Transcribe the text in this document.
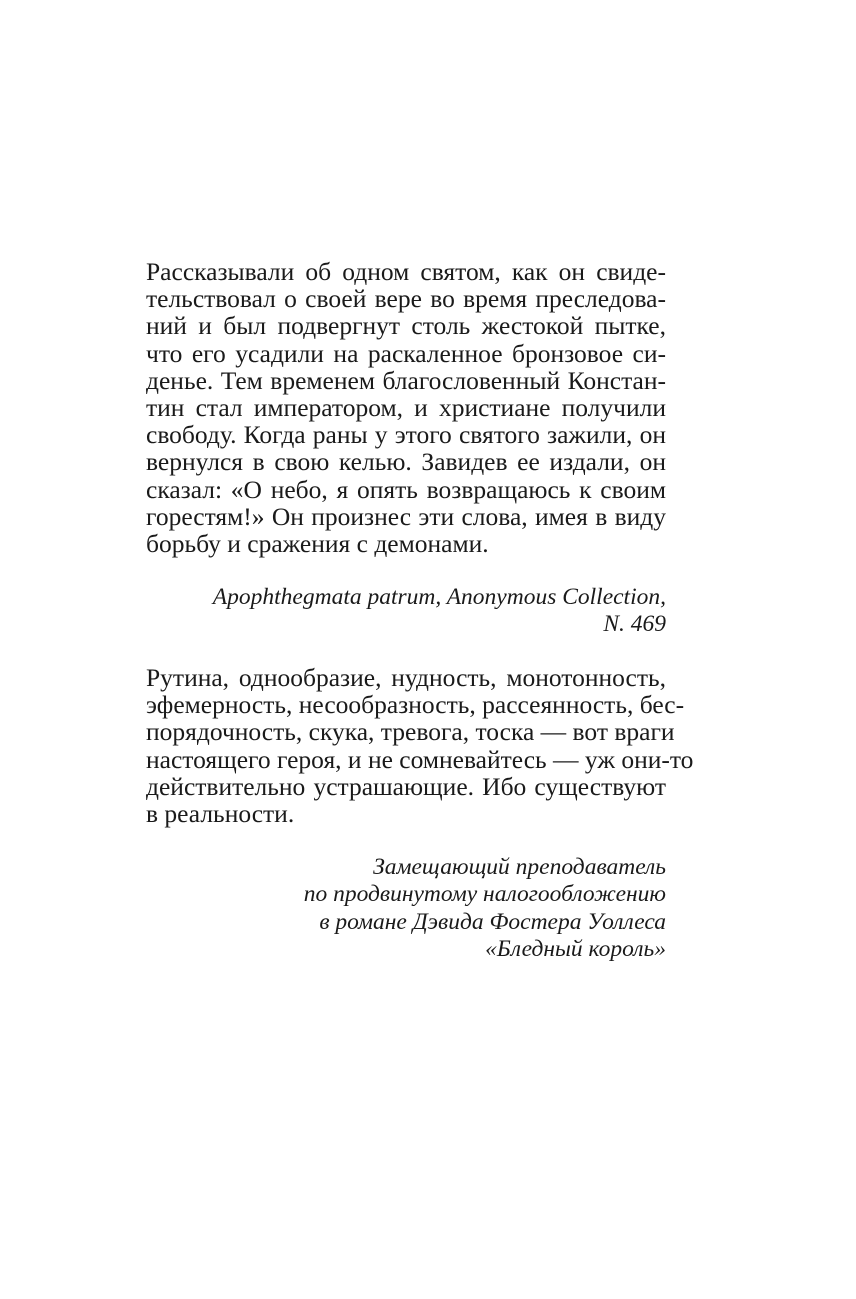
Рассказывали об одном святом, как он свиде-
тельствовал о своей вере во время преследова-
ний и был подвергнут столь жестокой пытке,
что его усадили на раскаленное бронзовое си-
денье. Тем временем благословенный Констан-
тин стал императором, и христиане получили
свободу. Когда раны у этого святого зажили, он
вернулся в свою келью. Завидев ее издали, он
сказал: «О небо, я опять возвращаюсь к своим
горестям!» Он произнес эти слова, имея в виду
борьбу и сражения с демонами.
Apophthegmata patrum, Anonymous Collection,
N. 469
Рутина, однообразие, нудность, монотонность,
эфемерность, несообразность, рассеянность, бес-
порядочность, скука, тревога, тоска — вот враги
настоящего героя, и не сомневайтесь — уж они-то
действительно устрашающие. Ибо существуют
в реальности.
Замещающий преподаватель
по продвинутому налогообложению
в романе Дэвида Фостера Уоллеса
«Бледный король»
